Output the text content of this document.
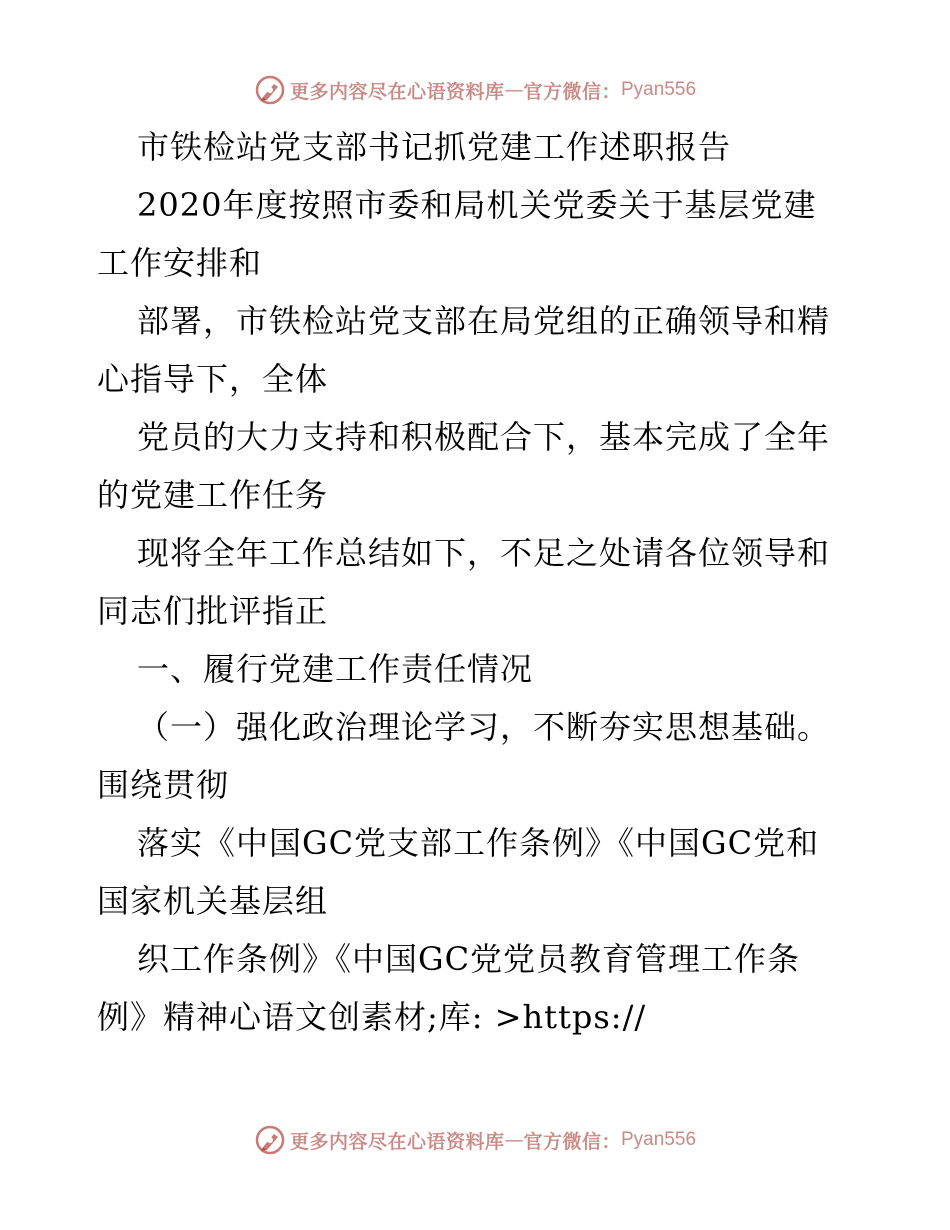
更多内容尽在心语资料库 — 官方微信： Pyan556
市铁检站党支部书记抓党建工作述职报告
2020年度按照市委和局机关党委关于基层党建
工作安排和
部署，市铁检站党支部在局党组的正确领导和精
心指导下，全体
党员的大力支持和积极配合下，基本完成了全年
的党建工作任务
现将全年工作总结如下，不足之处请各位领导和
同志们批评指正
一、履行党建工作责任情况
（一）强化政治理论学习，不断夯实思想基础。
围绕贯彻
落实《中国GC党支部工作条例》《中国GC党和
国家机关基层组
织工作条例》《中国GC党党员教育管理工作条
例》精神心语文创素材;库: >https://
更多内容尽在心语资料库 — 官方微信： Pyan556
